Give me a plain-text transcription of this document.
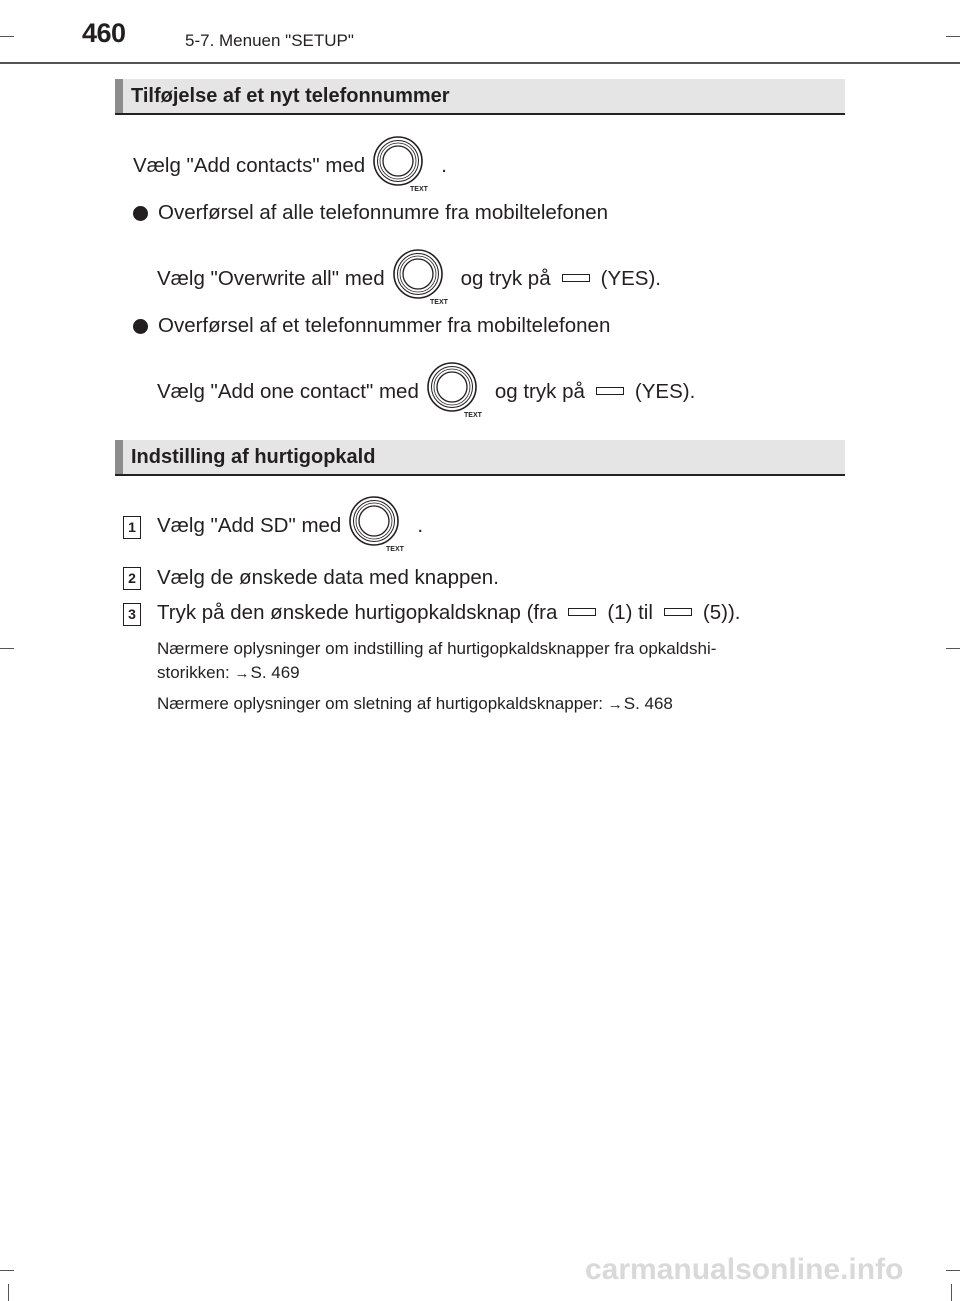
460	5-7. Menuen "SETUP"
Tilføjelse af et nyt telefonnummer
Vælg "Add contacts" med
TEXT
.
Overførsel af alle telefonnumre fra mobiltelefonen
Vælg "Overwrite all" med
TEXT
og tryk på (YES).
Overførsel af et telefonnummer fra mobiltelefonen
Vælg "Add one contact" med
TEXT
og tryk på (YES).
Indstilling af hurtigopkald
1 Vælg "Add SD" med
TEXT
.
2 Vælg de ønskede data med knappen.
3 Tryk på den ønskede hurtigopkaldsknap (fra (1) til (5)).
Nærmere oplysninger om indstilling af hurtigopkaldsknapper fra opkaldshi-
storikken: →S. 469
Nærmere oplysninger om sletning af hurtigopkaldsknapper: →S. 468
carmanualsonline.info
